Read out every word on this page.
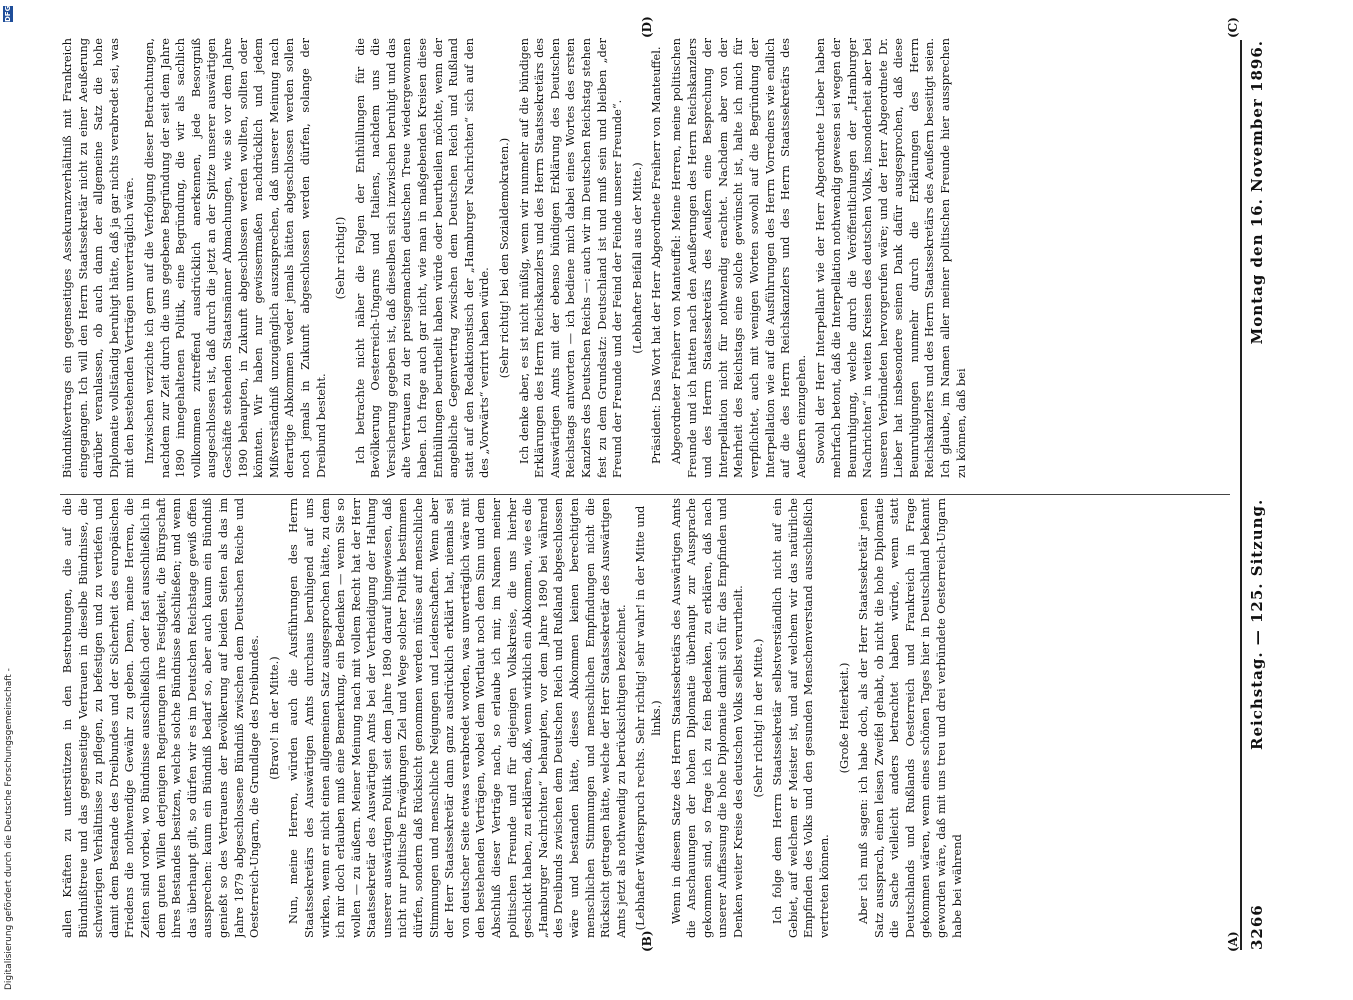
3266
Reichstag. — 125. Sitzung.
Montag den 16. November 1896.
(A)
(B)
(C)
(D)

allen Kräften zu unterstützen in den Bestrebungen, die auf die Bündnißtreue und das gegenseitige Vertrauen in dieselbe Bündnisse, die schwierigen Verhältnisse zu pflegen, zu befestigen und zu vertiefen und damit dem Bestande des Dreibundes und der Sicherheit des europäischen Friedens die nothwendige Gewähr zu geben. Denn, meine Herren, die Zeiten sind vorbei, wo Bündnisse ausschließlich oder fast ausschließlich in dem guten Willen derjenigen Regierungen ihre Festigkeit, die Bürgschaft ihres Bestandes besitzen, welche solche Bündnisse abschließen; und wenn das überhaupt gilt, so dürfen wir es im Deutschen Reichstage gewiß offen aussprechen: kaum ein Bündniß bedarf so, aber auch kaum ein Bündniß genießt so des Vertrauens der Bevölkerung auf beiden Seiten als das im Jahre 1879 abgeschlossene Bündniß zwischen dem Deutschen Reiche und Oesterreich-Ungarn, die Grundlage des Dreibundes. (Bravo! in der Mitte.) Nun, meine Herren, würden auch die Ausführungen des Herrn Staatssekretärs des Auswärtigen Amts durchaus beruhigend auf uns wirken, wenn er nicht einen allgemeinen Satz ausgesprochen hätte, zu dem ich mir doch erlauben muß eine Bemerkung, ein Bedenken — wenn Sie so wollen — zu äußern. Meiner Meinung nach mit vollem Recht hat der Herr Staatssekretär des Auswärtigen Amts bei der Vertheidigung der Haltung unserer auswärtigen Politik seit dem Jahre 1890 darauf hingewiesen, daß nicht nur politische Erwägungen Ziel und Wege solcher Politik bestimmen dürfen, sondern daß Rücksicht genommen werden müsse auf menschliche Stimmungen und menschliche Neigungen und Leidenschaften. Wenn aber der Herr Staatssekretär dann ganz ausdrücklich erklärt hat, niemals sei von deutscher Seite etwas verabredet worden, was unverträglich wäre mit den bestehenden Verträgen, wobei dem Wortlaut noch dem Sinn und dem Abschluß dieser Verträge nach, so erlaube ich mir, im Namen meiner politischen Freunde und für diejenigen Volkskreise, die uns hierher geschickt haben, zu erklären, daß, wenn wirklich ein Abkommen, wie es die „Hamburger Nachrichten“ behaupten, vor dem Jahre 1890 bei während des Dreibunds zwischen dem Deutschen Reich und Rußland abgeschlossen wäre und bestanden hätte, dieses Abkommen keinen berechtigten menschlichen Stimmungen und menschlichen Empfindungen nicht die Rücksicht getragen hätte, welche der Herr Staatssekretär des Auswärtigen Amts jetzt als nothwendig zu berücksichtigen bezeichnet. (Lebhafter Widerspruch rechts. Sehr richtig! sehr wahr! in der Mitte und links.) Wenn in diesem Satze des Herrn Staatssekretärs des Auswärtigen Amts die Anschauungen der hohen Diplomatie überhaupt zur Aussprache gekommen sind, so frage ich zu fein Bedenken, zu erklären, daß nach unserer Auffassung die hohe Diplomatie damit sich für das Empfinden und Denken weiter Kreise des deutschen Volks selbst verurtheilt. (Sehr richtig! in der Mitte.) Ich folge dem Herrn Staatssekretär selbstverständlich nicht auf ein Gebiet, auf welchem er Meister ist, und auf welchem wir das natürliche Empfinden des Volks und den gesunden Menschenverstand ausschließlich vertreten können.

(Große Heiterkeit.) Aber ich muß sagen: ich habe doch, als der Herr Staatssekretär jenen Satz aussprach, einen leisen Zweifel gehabt, ob nicht die hohe Diplomatie die Sache vielleicht anders betrachtet haben würde, wenn statt Deutschlands und Rußlands Oesterreich und Frankreich in Frage gekommen wären, wenn eines schönen Tages hier in Deutschland bekannt geworden wäre, daß mit uns treu und drei verbündete Oesterreich-Ungarn habe bei während

Bündnißvertrags ein gegenseitiges Assekuranzverhältniß mit Frankreich eingegangen. Ich will den Herrn Staatssekretär nicht zu einer Aeußerung darüber veranlassen, ob auch dann der allgemeine Satz die hohe Diplomatie vollständig beruhigt hätte, daß ja gar nichts verabredet sei, was mit den bestehenden Verträgen unverträglich wäre. Inzwischen verzichte ich gern auf die Verfolgung dieser Betrachtungen, nachdem zur Zeit durch die uns gegebene Begründung der seit dem Jahre 1890 innegehaltenen Politik, eine Begründung, die wir als sachlich vollkommen zutreffend ausdrücklich anerkennen, jede Besorgniß ausgeschlossen ist, daß durch die jetzt an der Spitze unserer auswärtigen Geschäfte stehenden Staatsmänner Abmachungen, wie sie vor dem Jahre 1890 behaupten, in Zukunft abgeschlossen werden wollten, sollten oder könnten. Wir haben nur gewissermaßen nachdrücklich und jedem Mißverständniß unzugänglich auszusprechen, daß unserer Meinung nach derartige Abkommen weder jemals hätten abgeschlossen werden sollen noch jemals in Zukunft abgeschlossen werden dürfen, solange der Dreibund besteht.

(Sehr richtig!) Ich betrachte nicht näher die Folgen der Enthüllungen für die Bevölkerung Oesterreich-Ungarns und Italiens, nachdem uns die Versicherung gegeben ist, daß dieselben sich inzwischen beruhigt und das alte Vertrauen zu der preisgemachten deutschen Treue wiedergewonnen haben. Ich frage auch gar nicht, wie man in maßgebenden Kreisen diese Enthüllungen beurtheilt haben würde oder beurtheilen möchte, wenn der angebliche Gegenvertrag zwischen dem Deutschen Reich und Rußland statt auf den Redaktionstisch der „Hamburger Nachrichten“ sich auf den des „Vorwärts“ verirrt haben würde. (Sehr richtig! bei den Sozialdemokraten.) Ich denke aber, es ist nicht müßig, wenn wir nunmehr auf die bündigen Erklärungen des Herrn Reichskanzlers und des Herrn Staatssekretärs des Auswärtigen Amts mit der ebenso bündigen Erklärung des Deutschen Reichstags antworten — ich bediene mich dabei eines Wortes des ersten Kanzlers des Deutschen Reichs —: auch wir im Deutschen Reichstag stehen fest zu dem Grundsatz: Deutschland ist und muß sein und bleiben „der Freund der Freunde und der Feind der Feinde unserer Freunde“. (Lebhafter Beifall aus der Mitte.) Präsident: Das Wort hat der Herr Abgeordnete Freiherr von Manteuffel. Abgeordneter Freiherr von Manteuffel: Meine Herren, meine politischen Freunde und ich hatten nach den Aeußerungen des Herrn Reichskanzlers und des Herrn Staatssekretärs des Aeußern eine Besprechung der Interpellation nicht für nothwendig erachtet. Nachdem aber von der Mehrheit des Reichstags eine solche gewünscht ist, halte ich mich für verpflichtet, auch mit wenigen Worten sowohl auf die Begründung der Interpellation wie auf die Ausführungen des Herrn Vorredners wie endlich auf die des Herrn Reichskanzlers und des Herrn Staatssekretärs des Aeußern einzugehen. Sowohl der Herr Interpellant wie der Herr Abgeordnete Lieber haben mehrfach betont, daß die Interpellation nothwendig gewesen sei wegen der Beunruhigung, welche durch die Veröffentlichungen der „Hamburger Nachrichten“ in weiten Kreisen des deutschen Volks, insonderheit aber bei unseren Verbündeten hervorgerufen wäre; und der Herr Abgeordnete Dr. Lieber hat insbesondere seinen Dank dafür ausgesprochen, daß diese Beunruhigungen nunmehr durch die Erklärungen des Herrn Reichskanzlers und des Herrn Staatssekretärs des Aeußern beseitigt seien. Ich glaube, im Namen aller meiner politischen Freunde hier aussprechen zu können, daß bei

Digitalisierung gefördert durch die Deutsche Forschungsgemeinschaft -
DFG
